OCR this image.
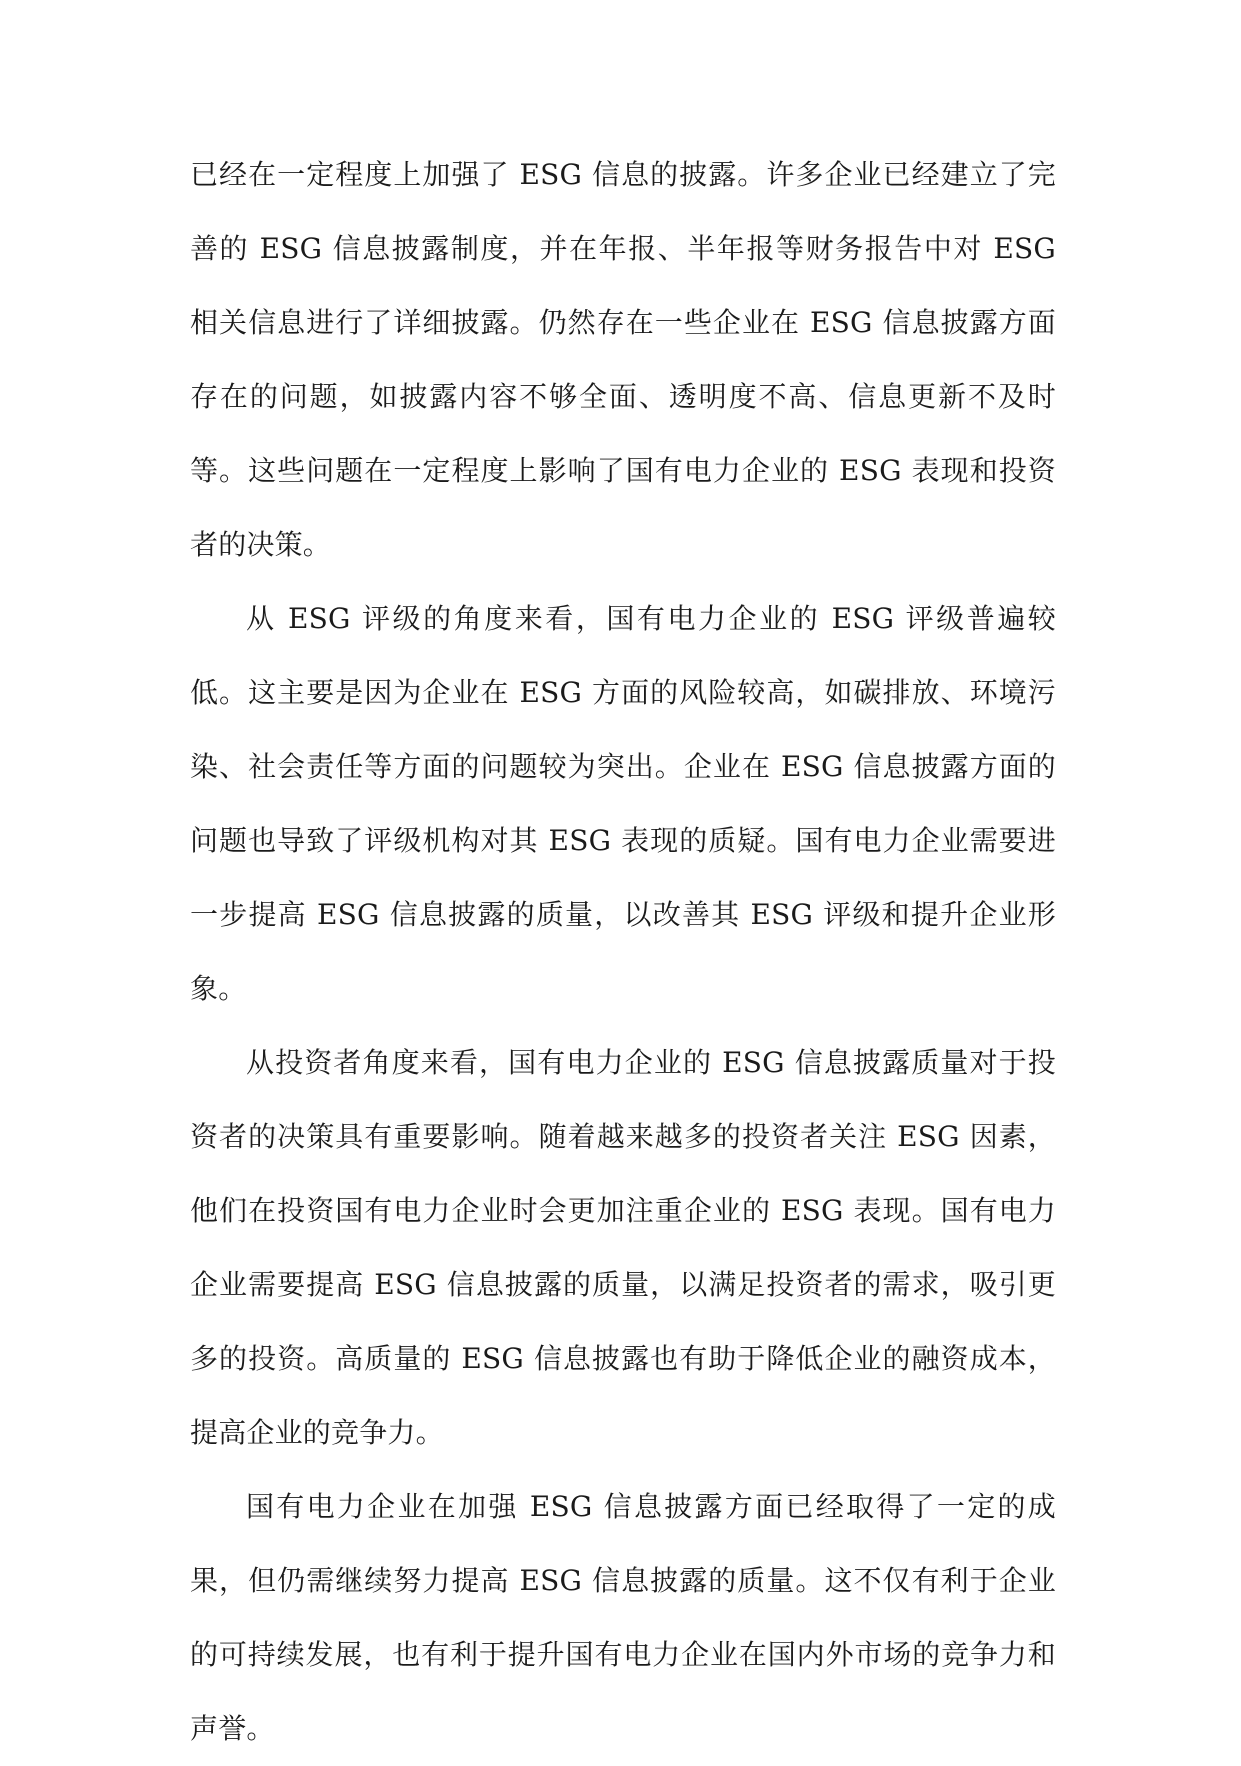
已经在一定程度上加强了 ESG 信息的披露。许多企业已经建立了完善的 ESG 信息披露制度，并在年报、半年报等财务报告中对 ESG 相关信息进行了详细披露。仍然存在一些企业在 ESG 信息披露方面存在的问题，如披露内容不够全面、透明度不高、信息更新不及时等。这些问题在一定程度上影响了国有电力企业的 ESG 表现和投资者的决策。

从 ESG 评级的角度来看，国有电力企业的 ESG 评级普遍较低。这主要是因为企业在 ESG 方面的风险较高，如碳排放、环境污染、社会责任等方面的问题较为突出。企业在 ESG 信息披露方面的问题也导致了评级机构对其 ESG 表现的质疑。国有电力企业需要进一步提高 ESG 信息披露的质量，以改善其 ESG 评级和提升企业形象。

从投资者角度来看，国有电力企业的 ESG 信息披露质量对于投资者的决策具有重要影响。随着越来越多的投资者关注 ESG 因素，他们在投资国有电力企业时会更加注重企业的 ESG 表现。国有电力企业需要提高 ESG 信息披露的质量，以满足投资者的需求，吸引更多的投资。高质量的 ESG 信息披露也有助于降低企业的融资成本，提高企业的竞争力。

国有电力企业在加强 ESG 信息披露方面已经取得了一定的成果，但仍需继续努力提高 ESG 信息披露的质量。这不仅有利于企业的可持续发展，也有利于提升国有电力企业在国内外市场的竞争力和声誉。
